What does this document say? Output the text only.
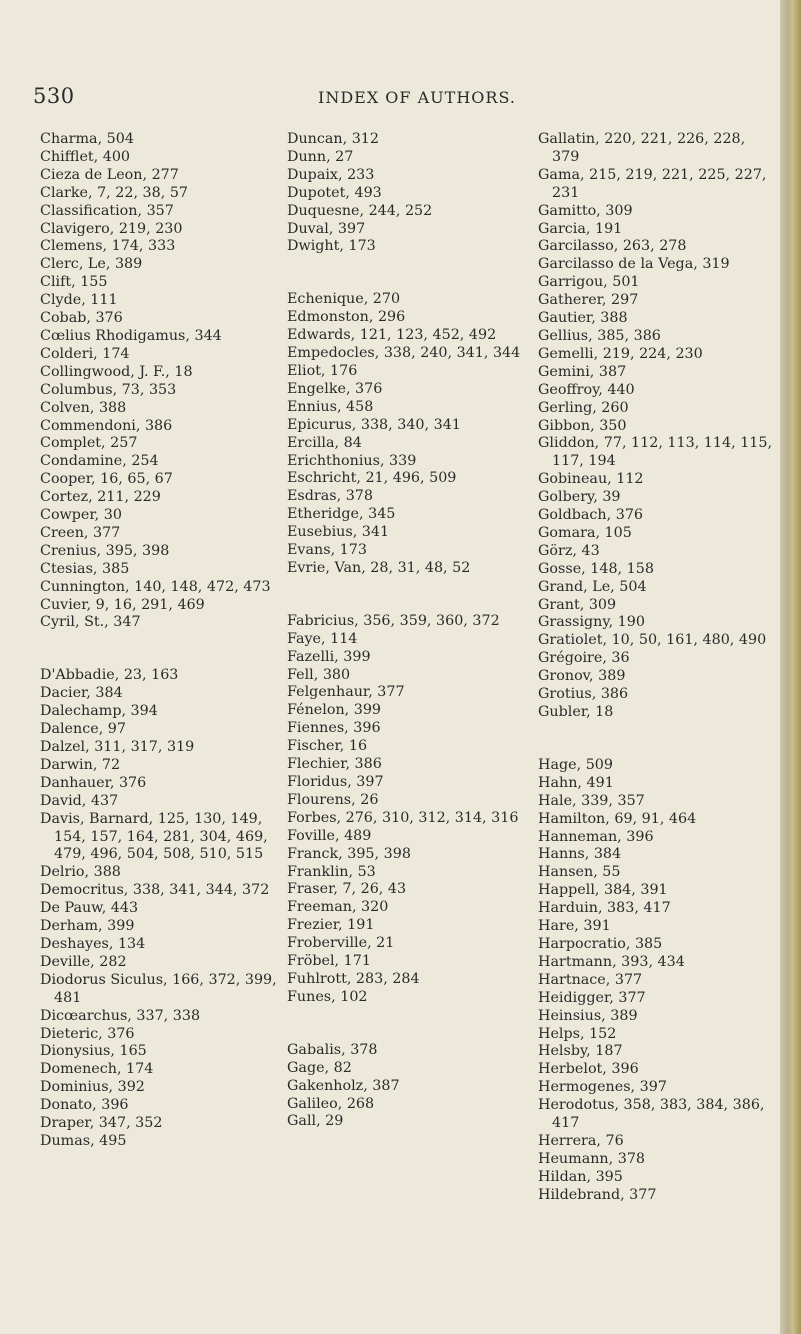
530	INDEX OF AUTHORS.

Charma, 504

Chifflet, 400

Cieza de Leon, 277

Clarke, 7, 22, 38, 57

Classification, 357

Clavigero, 219, 230

Clemens, 174, 333

Clerc, Le, 389

Clift, 155

Clyde, 111

Cobab, 376

Cœlius Rhodigamus, 344

Colderi, 174

Collingwood, J. F., 18

Columbus, 73, 353

Colven, 388

Commendoni, 386

Complet, 257

Condamine, 254

Cooper, 16, 65, 67

Cortez, 211, 229

Cowper, 30

Creen, 377

Crenius, 395, 398

Ctesias, 385

Cunnington, 140, 148, 472, 473

Cuvier, 9, 16, 291, 469

Cyril, St., 347

D'Abbadie, 23, 163

Dacier, 384

Dalechamp, 394

Dalence, 97

Dalzel, 311, 317, 319

Darwin, 72

Danhauer, 376

David, 437

Davis, Barnard, 125, 130, 149, 154, 157, 164, 281, 304, 469, 479, 496, 504, 508, 510, 515

Delrio, 388

Democritus, 338, 341, 344, 372

De Pauw, 443

Derham, 399

Deshayes, 134

Deville, 282

Diodorus Siculus, 166, 372, 399, 481

Dicœarchus, 337, 338

Dieteric, 376

Dionysius, 165

Domenech, 174

Dominius, 392

Donato, 396

Draper, 347, 352

Dumas, 495

Duncan, 312

Dunn, 27

Dupaix, 233

Dupotet, 493

Duquesne, 244, 252

Duval, 397

Dwight, 173

Echenique, 270

Edmonston, 296

Edwards, 121, 123, 452, 492

Empedocles, 338, 240, 341, 344

Eliot, 176

Engelke, 376

Ennius, 458

Epicurus, 338, 340, 341

Ercilla, 84

Erichthonius, 339

Eschricht, 21, 496, 509

Esdras, 378

Etheridge, 345

Eusebius, 341

Evans, 173

Evrie, Van, 28, 31, 48, 52

Fabricius, 356, 359, 360, 372

Faye, 114

Fazelli, 399

Fell, 380

Felgenhaur, 377

Fénelon, 399

Fiennes, 396

Fischer, 16

Flechier, 386

Floridus, 397

Flourens, 26

Forbes, 276, 310, 312, 314, 316

Foville, 489

Franck, 395, 398

Franklin, 53

Fraser, 7, 26, 43

Freeman, 320

Frezier, 191

Froberville, 21

Fröbel, 171

Fuhlrott, 283, 284

Funes, 102

Gabalis, 378

Gage, 82

Gakenholz, 387

Galileo, 268

Gall, 29

Gallatin, 220, 221, 226, 228, 379

Gama, 215, 219, 221, 225, 227, 231

Gamitto, 309

Garcia, 191

Garcilasso, 263, 278

Garcilasso de la Vega, 319

Garrigou, 501

Gatherer, 297

Gautier, 388

Gellius, 385, 386

Gemelli, 219, 224, 230

Gemini, 387

Geoffroy, 440

Gerling, 260

Gibbon, 350

Gliddon, 77, 112, 113, 114, 115, 117, 194

Gobineau, 112

Golbery, 39

Goldbach, 376

Gomara, 105

Görz, 43

Gosse, 148, 158

Grand, Le, 504

Grant, 309

Grassigny, 190

Gratiolet, 10, 50, 161, 480, 490

Grégoire, 36

Gronov, 389

Grotius, 386

Gubler, 18

Hage, 509

Hahn, 491

Hale, 339, 357

Hamilton, 69, 91, 464

Hanneman, 396

Hanns, 384

Hansen, 55

Happell, 384, 391

Harduin, 383, 417

Hare, 391

Harpocratio, 385

Hartmann, 393, 434

Hartnace, 377

Heidigger, 377

Heinsius, 389

Helps, 152

Helsby, 187

Herbelot, 396

Hermogenes, 397

Herodotus, 358, 383, 384, 386, 417

Herrera, 76

Heumann, 378

Hildan, 395

Hildebrand, 377
